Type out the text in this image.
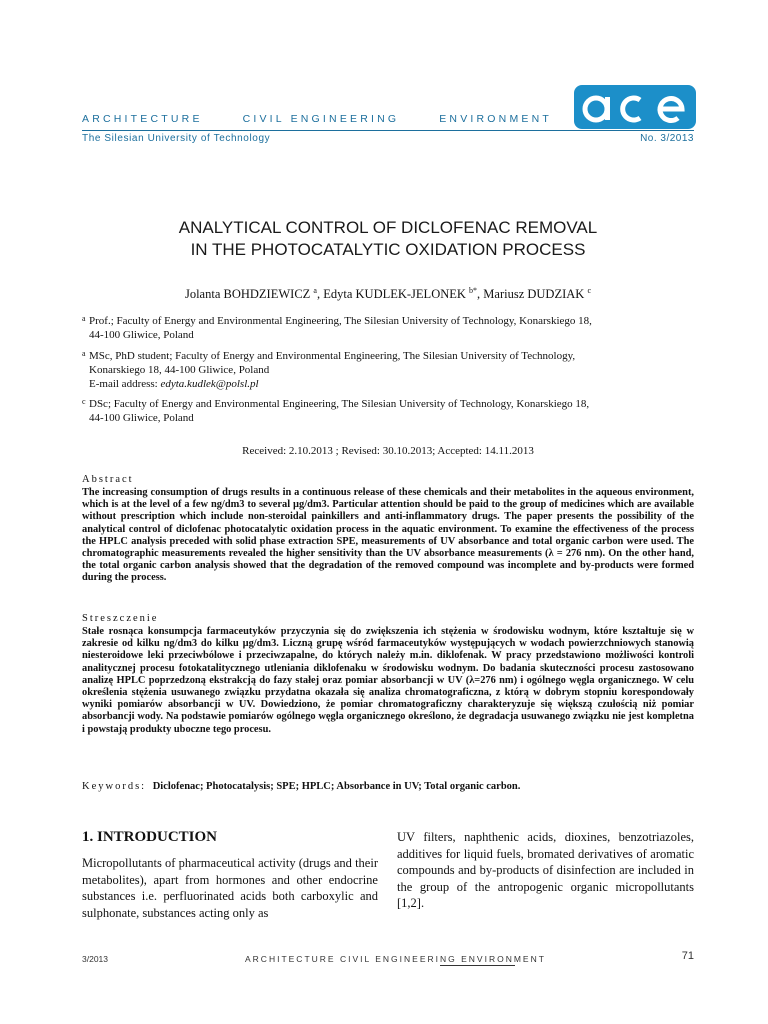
ARCHITECTURE	CIVIL ENGINEERING	ENVIRONMENT
The Silesian University of Technology	No. 3/2013
ANALYTICAL CONTROL OF DICLOFENAC REMOVAL
IN THE PHOTOCATALYTIC OXIDATION PROCESS
Jolanta BOHDZIEWICZ $^a$, Edyta KUDLEK-JELONEK $^{b*}$, Mariusz DUDZIAK $^c$
a Prof.; Faculty of Energy and Environmental Engineering, The Silesian University of Technology, Konarskiego 18,
44-100 Gliwice, Poland
a MSc, PhD student; Faculty of Energy and Environmental Engineering, The Silesian University of Technology,
Konarskiego 18, 44-100 Gliwice, Poland
E-mail address: edyta.kudlek@polsl.pl
c DSc; Faculty of Energy and Environmental Engineering, The Silesian University of Technology, Konarskiego 18,
44-100 Gliwice, Poland
Received: 2.10.2013 ; Revised: 30.10.2013; Accepted: 14.11.2013
Abstract

The increasing consumption of drugs results in a continuous release of these chemicals and their metabolites in the aqueous environment, which is at the level of a few ng/dm3 to several µg/dm3. Particular attention should be paid to the group of medicines which are available without prescription which include non-steroidal painkillers and anti-inflammatory drugs. The paper presents the possibility of the analytical control of diclofenac photocatalytic oxidation process in the aquatic environment. To examine the effectiveness of the process the HPLC analysis preceded with solid phase extraction SPE, measurements of UV absorbance and total organic carbon were used. The chromatographic measurements revealed the higher sensitivity than the UV absorbance measurements (λ = 276 nm). On the other hand, the total organic carbon analysis showed that the degradation of the removed compound was incomplete and by-products were formed during the process.

Streszczenie

Stałe rosnąca konsumpcja farmaceutyków przyczynia się do zwiększenia ich stężenia w środowisku wodnym, które kształtuje się w zakresie od kilku ng/dm3 do kilku µg/dm3. Liczną grupę wśród farmaceutyków występujących w wodach powierzchniowych stanowią niesteroidowe leki przeciwbólowe i przeciwzapalne, do których należy m.in. diklofenak. W pracy przedstawiono możliwości kontroli analitycznej procesu fotokatalitycznego utleniania diklofenaku w środowisku wodnym. Do badania skuteczności procesu zastosowano analizę HPLC poprzedzoną ekstrakcją do fazy stałej oraz pomiar absorbancji w UV (λ=276 nm) i ogólnego węgla organicznego. W celu określenia stężenia usuwanego związku przydatna okazała się analiza chromatograficzna, z którą w dobrym stopniu korespondowały wyniki pomiarów absorbancji w UV. Dowiedziono, że pomiar chromatograficzny charakteryzuje się większą czułością niż pomiar absorbancji wody. Na podstawie pomiarów ogólnego węgla organicznego określono, że degradacja usuwanego związku nie jest kompletna i powstają produkty uboczne tego procesu.

Keywords: Diclofenac; Photocatalysis; SPE; HPLC; Absorbance in UV; Total organic carbon.
1. INTRODUCTION
Micropollutants of pharmaceutical activity (drugs and their metabolites), apart from hormones and other endocrine substances i.e. perfluorinated acids both carboxylic and sulphonate, substances acting only as
UV filters, naphthenic acids, dioxines, benzotriazoles, additives for liquid fuels, bromated derivatives of aromatic compounds and by-products of disinfection are included in the group of the antropogenic organic micropollutants [1,2].
3/2013	ARCHITECTURE CIVIL ENGINEERING ENVIRONMENT	71
